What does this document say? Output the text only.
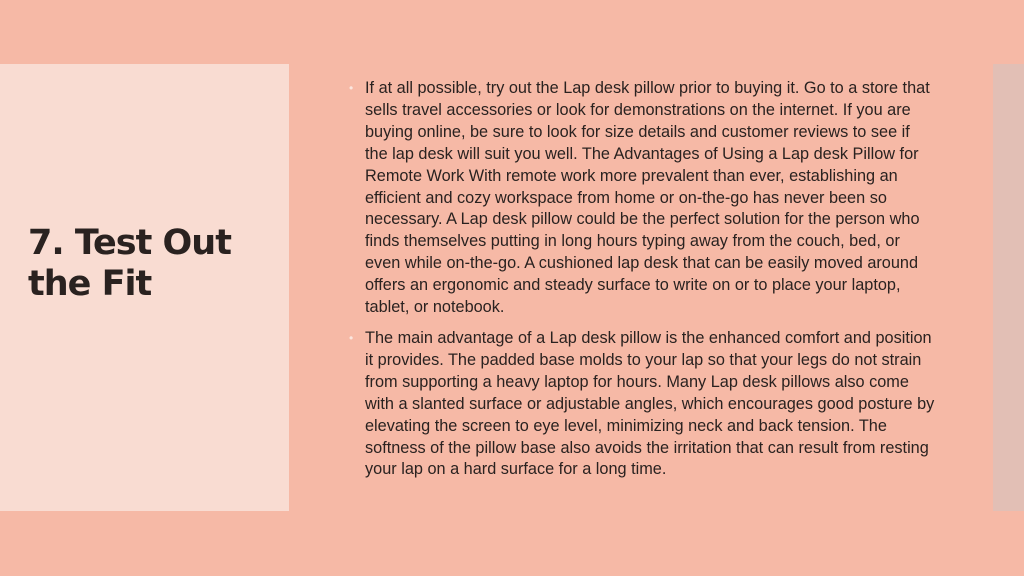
7. Test Out the Fit
• If at all possible, try out the Lap desk pillow prior to buying it. Go to a store that sells travel accessories or look for demonstrations on the internet. If you are buying online, be sure to look for size details and customer reviews to see if the lap desk will suit you well. The Advantages of Using a Lap desk Pillow for Remote Work With remote work more prevalent than ever, establishing an efficient and cozy workspace from home or on-the-go has never been so necessary. A Lap desk pillow could be the perfect solution for the person who finds themselves putting in long hours typing away from the couch, bed, or even while on-the-go. A cushioned lap desk that can be easily moved around offers an ergonomic and steady surface to write on or to place your laptop, tablet, or notebook.
• The main advantage of a Lap desk pillow is the enhanced comfort and position it provides. The padded base molds to your lap so that your legs do not strain from supporting a heavy laptop for hours. Many Lap desk pillows also come with a slanted surface or adjustable angles, which encourages good posture by elevating the screen to eye level, minimizing neck and back tension. The softness of the pillow base also avoids the irritation that can result from resting your lap on a hard surface for a long time.
